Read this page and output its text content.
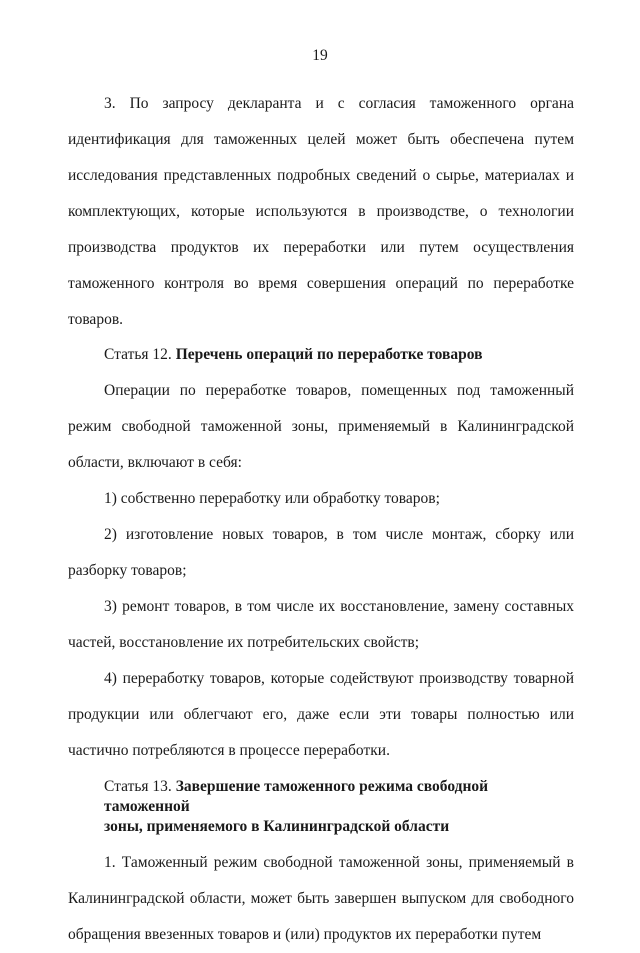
19

3. По запросу декларанта и с согласия таможенного органа идентификация для таможенных целей может быть обеспечена путем исследования представленных подробных сведений о сырье, материалах и комплектующих, которые используются в производстве, о технологии производства продуктов их переработки или путем осуществления таможенного контроля во время совершения операций по переработке товаров.

Статья 12. Перечень операций по переработке товаров

Операции по переработке товаров, помещенных под таможенный режим свободной таможенной зоны, применяемый в Калининградской области, включают в себя:

1) собственно переработку или обработку товаров;

2) изготовление новых товаров, в том числе монтаж, сборку или разборку товаров;

3) ремонт товаров, в том числе их восстановление, замену составных частей, восстановление их потребительских свойств;

4) переработку товаров, которые содействуют производству товарной продукции или облегчают его, даже если эти товары полностью или частично потребляются в процессе переработки.

Статья 13. Завершение таможенного режима свободной таможенной
зоны, применяемого в Калининградской области

1. Таможенный режим свободной таможенной зоны, применяемый в Калининградской области, может быть завершен выпуском для свободного обращения ввезенных товаров и (или) продуктов их переработки путем
